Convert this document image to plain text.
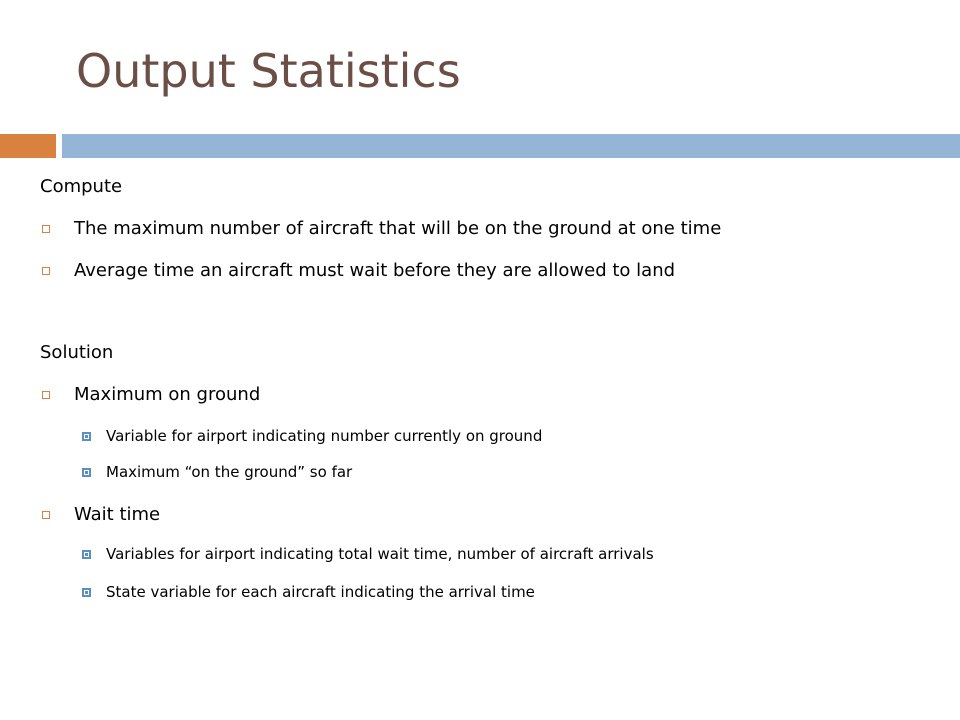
Output Statistics
Compute
The maximum number of aircraft that will be on the ground at one time
Average time an aircraft must wait before they are allowed to land
Solution
Maximum on ground
Variable for airport indicating number currently on ground
Maximum “on the ground” so far
Wait time
Variables for airport indicating total wait time, number of aircraft arrivals
State variable for each aircraft indicating the arrival time
